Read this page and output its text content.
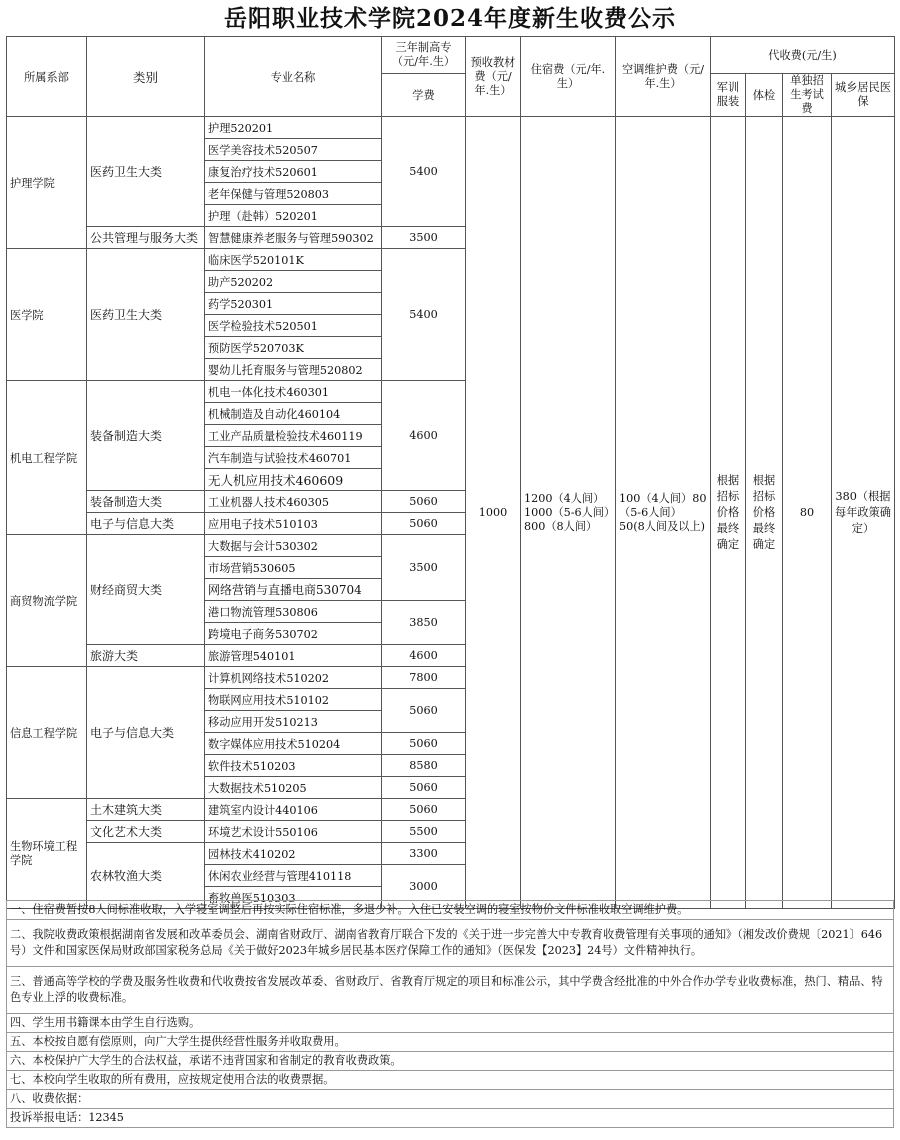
岳阳职业技术学院2024年度新生收费公示
所属系部	类别	专业名称	三年制高专（元/年.生）	预收教材费（元/年.生）	住宿费（元/年.生）	空调维护费（元/年.生）	代收费(元/生)			
			学费				军训服装	体检	单独招生考试费	城乡居民医保
护理学院	医药卫生大类	护理520201	5400	1000	1200（4人间）1000（5-6人间）800（8人间）	100（4人间）80（5-6人间）50(8人间及以上)	根据招标价格最终确定	根据招标价格最终确定	80	380（根据每年政策确定）
		医学美容技术520507								
		康复治疗技术520601								
		老年保健与管理520803								
		护理（赴韩）520201								
	公共管理与服务大类	智慧健康养老服务与管理590302	3500							
医学院	医药卫生大类	临床医学520101K	5400							
		助产520202								
		药学520301								
		医学检验技术520501								
		预防医学520703K								
		婴幼儿托育服务与管理520802								
机电工程学院	装备制造大类	机电一体化技术460301	4600							
		机械制造及自动化460104								
		工业产品质量检验技术460119								
		汽车制造与试验技术460701								
		无人机应用技术460609								
	装备制造大类	工业机器人技术460305	5060							
	电子与信息大类	应用电子技术510103	5060							
商贸物流学院	财经商贸大类	大数据与会计530302	3500							
		市场营销530605								
		网络营销与直播电商530704								
		港口物流管理530806	3850							
		跨境电子商务530702								
	旅游大类	旅游管理540101	4600							
信息工程学院	电子与信息大类	计算机网络技术510202	7800							
		物联网应用技术510102	5060							
		移动应用开发510213								
		数字媒体应用技术510204	5060							
		软件技术510203	8580							
		大数据技术510205	5060							
生物环境工程学院	土木建筑大类	建筑室内设计440106	5060							
	文化艺术大类	环境艺术设计550106	5500							
	农林牧渔大类	园林技术410202	3300							
		休闲农业经营与管理410118	3000							
		畜牧兽医510303								
一、住宿费暂按8人间标准收取，入学寝室调整后再按实际住宿标准，多退少补。入住已安装空调的寝室按物价文件标准收取空调维护费。
二、我院收费政策根据湖南省发展和改革委员会、湖南省财政厅、湖南省教育厅联合下发的《关于进一步完善大中专教育收费管理有关事项的通知》（湘发改价费规〔2021〕646号）文件和国家医保局财政部国家税务总局《关于做好2023年城乡居民基本医疗保障工作的通知》（医保发【2023】24号）文件精神执行。
三、普通高等学校的学费及服务性收费和代收费按省发展改革委、省财政厅、省教育厅规定的项目和标准公示，其中学费含经批准的中外合作办学专业收费标准，热门、精品、特色专业上浮的收费标准。
四、学生用书籍课本由学生自行选购。
五、本校按自愿有偿原则，向广大学生提供经营性服务并收取费用。
六、本校保护广大学生的合法权益，承诺不违背国家和省制定的教育收费政策。
七、本校向学生收取的所有费用，应按规定使用合法的收费票据。
八、收费依据：
投诉举报电话：12345
